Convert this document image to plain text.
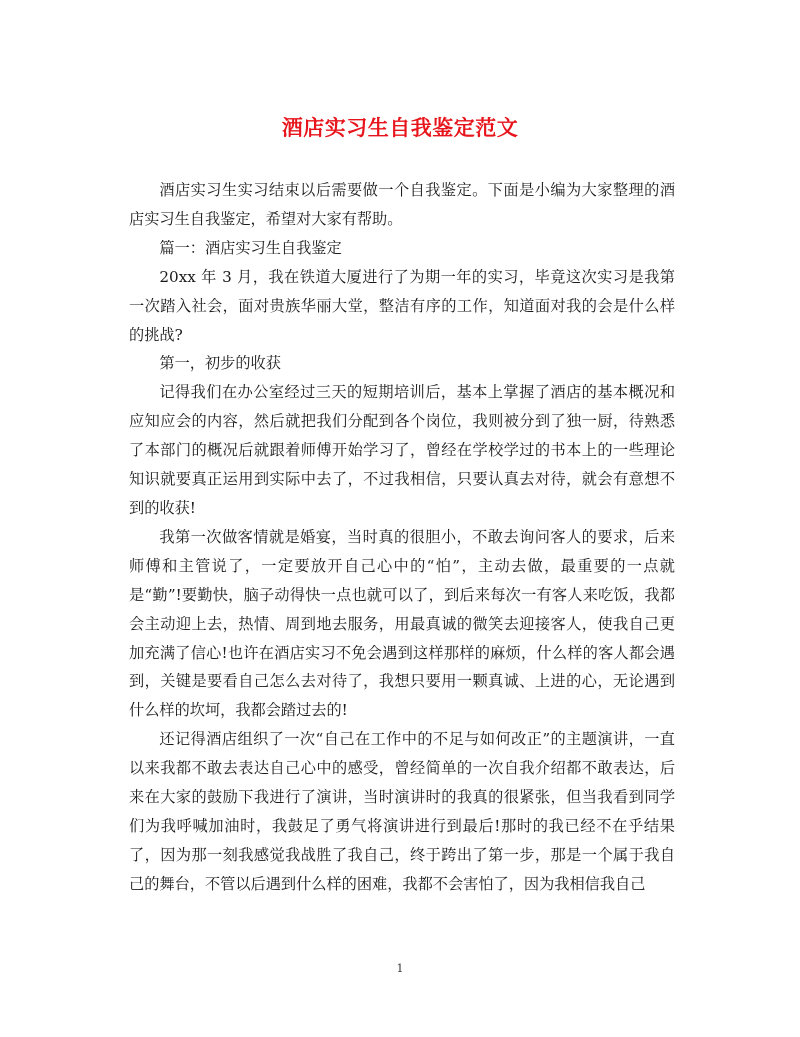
酒店实习生自我鉴定范文

酒店实习生实习结束以后需要做一个自我鉴定。下面是小编为大家整理的酒店实习生自我鉴定，希望对大家有帮助。

篇一：酒店实习生自我鉴定

20xx 年 3 月，我在铁道大厦进行了为期一年的实习，毕竟这次实习是我第一次踏入社会，面对贵族华丽大堂，整洁有序的工作，知道面对我的会是什么样的挑战?

第一，初步的收获

记得我们在办公室经过三天的短期培训后，基本上掌握了酒店的基本概况和应知应会的内容，然后就把我们分配到各个岗位，我则被分到了独一厨，待熟悉了本部门的概况后就跟着师傅开始学习了，曾经在学校学过的书本上的一些理论知识就要真正运用到实际中去了，不过我相信，只要认真去对待，就会有意想不到的收获!

我第一次做客情就是婚宴，当时真的很胆小，不敢去询问客人的要求，后来师傅和主管说了，一定要放开自己心中的“怕”，主动去做，最重要的一点就是“勤”!要勤快，脑子动得快一点也就可以了，到后来每次一有客人来吃饭，我都会主动迎上去，热情、周到地去服务，用最真诚的微笑去迎接客人，使我自己更加充满了信心!也许在酒店实习不免会遇到这样那样的麻烦，什么样的客人都会遇到，关键是要看自己怎么去对待了，我想只要用一颗真诚、上进的心，无论遇到什么样的坎坷，我都会踏过去的!

还记得酒店组织了一次“自己在工作中的不足与如何改正”的主题演讲，一直以来我都不敢去表达自己心中的感受，曾经简单的一次自我介绍都不敢表达，后来在大家的鼓励下我进行了演讲，当时演讲时的我真的很紧张，但当我看到同学们为我呼喊加油时，我鼓足了勇气将演讲进行到最后!那时的我已经不在乎结果了，因为那一刻我感觉我战胜了我自己，终于跨出了第一步，那是一个属于我自己的舞台，不管以后遇到什么样的困难，我都不会害怕了，因为我相信我自己

1
